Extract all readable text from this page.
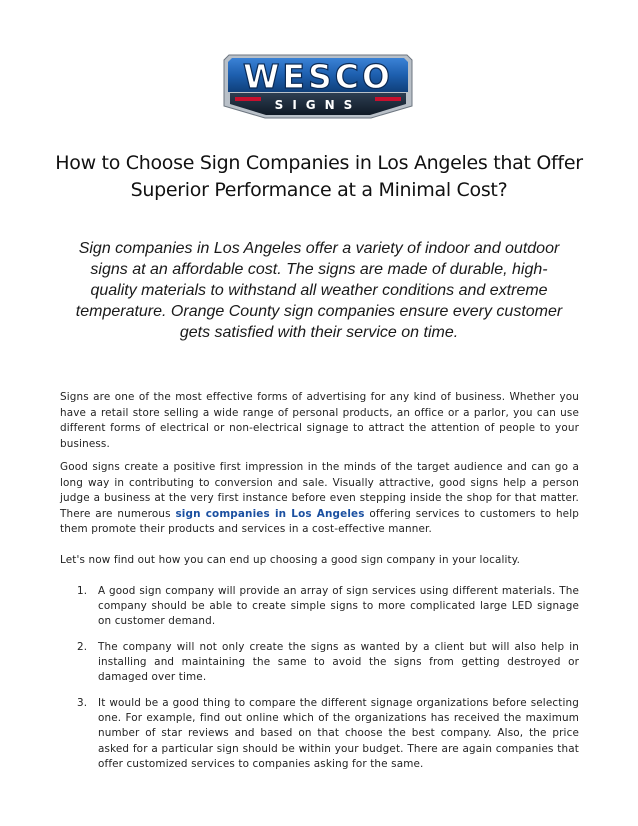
WESCO
SIGNS
How to Choose Sign Companies in Los Angeles that Offer
Superior Performance at a Minimal Cost?
Sign companies in Los Angeles offer a variety of indoor and outdoor signs at an affordable cost. The signs are made of durable, high-quality materials to withstand all weather conditions and extreme temperature. Orange County sign companies ensure every customer gets satisfied with their service on time.
Signs are one of the most effective forms of advertising for any kind of business. Whether you have a retail store selling a wide range of personal products, an office or a parlor, you can use different forms of electrical or non-electrical signage to attract the attention of people to your business.
Good signs create a positive first impression in the minds of the target audience and can go a long way in contributing to conversion and sale. Visually attractive, good signs help a person judge a business at the very first instance before even stepping inside the shop for that matter. There are numerous sign companies in Los Angeles offering services to customers to help them promote their products and services in a cost-effective manner.
Let's now find out how you can end up choosing a good sign company in your locality.
1. A good sign company will provide an array of sign services using different materials. The company should be able to create simple signs to more complicated large LED signage on customer demand.
2. The company will not only create the signs as wanted by a client but will also help in installing and maintaining the same to avoid the signs from getting destroyed or damaged over time.
3. It would be a good thing to compare the different signage organizations before selecting one. For example, find out online which of the organizations has received the maximum number of star reviews and based on that choose the best company. Also, the price asked for a particular sign should be within your budget. There are again companies that offer customized services to companies asking for the same.
